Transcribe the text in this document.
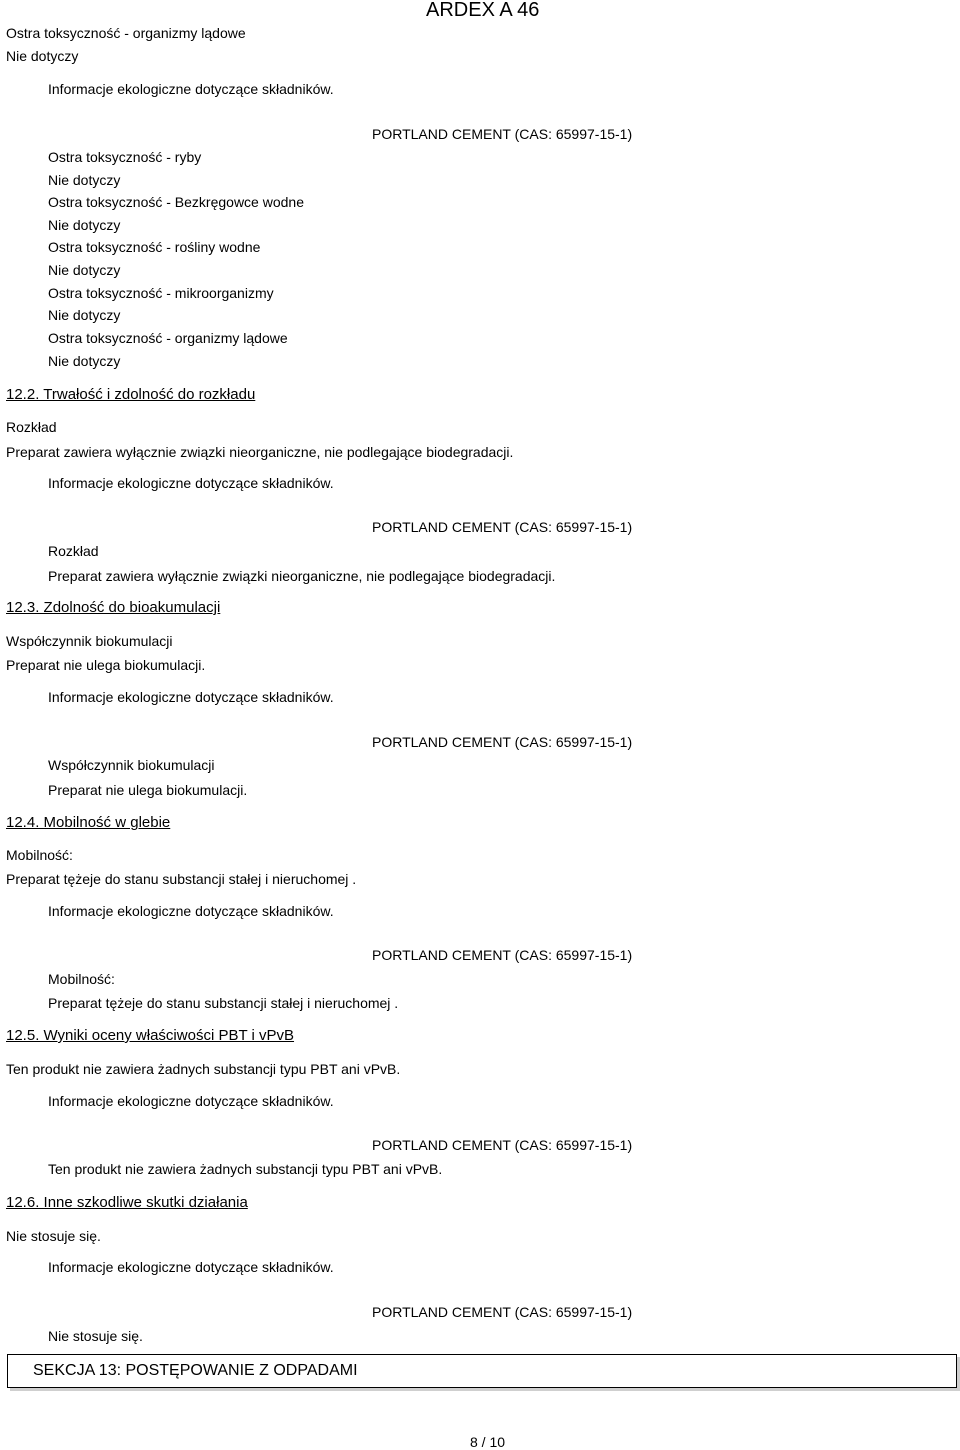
Ostra toksyczność - organizmy lądowe
Nie dotyczy
ARDEX A 46
Informacje ekologiczne dotyczące składników.
PORTLAND CEMENT (CAS: 65997-15-1)
Ostra toksyczność - ryby
Nie dotyczy
Ostra toksyczność - Bezkręgowce wodne
Nie dotyczy
Ostra toksyczność - rośliny wodne
Nie dotyczy
Ostra toksyczność - mikroorganizmy
Nie dotyczy
Ostra toksyczność - organizmy lądowe
Nie dotyczy
12.2. Trwałość i zdolność do rozkładu
Rozkład
Preparat zawiera wyłącznie związki nieorganiczne, nie podlegające biodegradacji.
Informacje ekologiczne dotyczące składników.
PORTLAND CEMENT (CAS: 65997-15-1)
Rozkład
Preparat zawiera wyłącznie związki nieorganiczne, nie podlegające biodegradacji.
12.3. Zdolność do bioakumulacji
Współczynnik biokumulacji
Preparat nie ulega biokumulacji.
Informacje ekologiczne dotyczące składników.
PORTLAND CEMENT (CAS: 65997-15-1)
Współczynnik biokumulacji
Preparat nie ulega biokumulacji.
12.4. Mobilność w glebie
Mobilność:
Preparat tężeje do stanu substancji stałej i nieruchomej .
Informacje ekologiczne dotyczące składników.
PORTLAND CEMENT (CAS: 65997-15-1)
Mobilność:
Preparat tężeje do stanu substancji stałej i nieruchomej .
12.5. Wyniki oceny właściwości PBT i vPvB
Ten produkt nie zawiera żadnych substancji typu PBT ani vPvB.
Informacje ekologiczne dotyczące składników.
PORTLAND CEMENT (CAS: 65997-15-1)
Ten produkt nie zawiera żadnych substancji typu PBT ani vPvB.
12.6. Inne szkodliwe skutki działania
Nie stosuje się.
Informacje ekologiczne dotyczące składników.
PORTLAND CEMENT (CAS: 65997-15-1)
Nie stosuje się.
SEKCJA 13: POSTĘPOWANIE Z ODPADAMI
8 / 10
